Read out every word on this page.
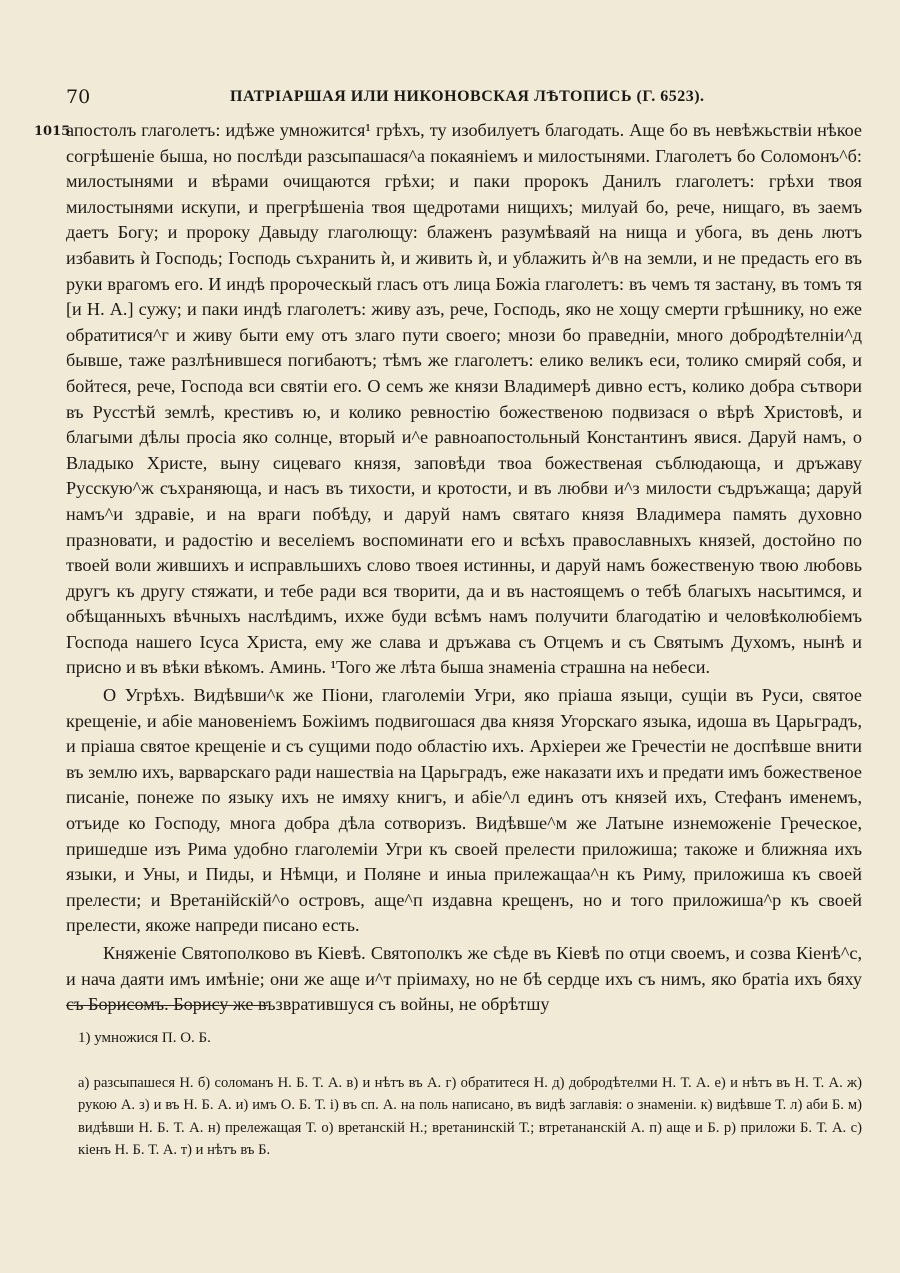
70	ПАТРІАРШАЯ ИЛИ НИКОНОВСКАЯ ЛѢТОПИСЬ (Г. 6523).
1015

апостолъ глаголетъ: идѣже умножится¹ грѣхъ, ту изобилуетъ благодать. Аще бо въ невѣжьствіи нѣкое согрѣшеніе быша, но послѣди разсыпашася^а покаяніемъ и милостынями. Глаголетъ бо Соломонъ^б: милостынями и вѣрами очищаются грѣхи; и паки пророкъ Данилъ глаголетъ: грѣхи твоя милостынями искупи, и прегрѣшеніа твоя щедротами нищихъ; милуай бо, рече, нищаго, въ заемъ даетъ Богу; и пророку Давыду глаголющу: блаженъ разумѣваяй на нища и убога, въ день лютъ избавить ѝ Господь; Господь съхранить ѝ, и живить ѝ, и ублажить ѝ^в на земли, и не предасть его въ руки врагомъ его. И индѣ пророческый гласъ отъ лица Божіа глаголетъ: въ чемъ тя застану, въ томъ тя [и Н. А.] сужу; и паки индѣ глаголетъ: живу азъ, рече, Господь, яко не хощу смерти грѣшнику, но еже обратитися^г и живу быти ему отъ злаго пути своего; мнози бо праведніи, много добродѣтелніи^д бывше, таже разлѣнившеся погибаютъ; тѣмъ же глаголетъ: елико великъ еси, толико смиряй собя, и бойтеся, рече, Господа вси святіи его. О семъ же князи Владимерѣ дивно естъ, колико добра сътвори въ Русстѣй землѣ, крестивъ ю, и колико ревностію божественою подвизася о вѣрѣ Христовѣ, и благыми дѣлы просіа яко солнце, вторый и^е равноапостольный Константинъ явися. Даруй намъ, о Владыко Христе, выну сицеваго князя, заповѣди твоа божественая съблюдающа, и дръжаву Русскую^ж съхраняюща, и насъ въ тихости, и кротости, и въ любви и^з милости съдръжаща; даруй намъ^и здравіе, и на враги побѣду, и даруй намъ святаго князя Владимера память духовно празновати, и радостію и веселіемъ воспоминати его и всѣхъ православныхъ князей, достойно по твоей воли жившихъ и исправльшихъ слово твоея истинны, и даруй намъ божественую твою любовь другъ къ другу стяжати, и тебе ради вся творити, да и въ настоящемъ о тебѣ благыхъ насытимся, и обѣщанныхъ вѣчныхъ наслѣдимъ, ихже буди всѣмъ намъ получити благодатію и человѣколюбіемъ Господа нашего Ісуса Христа, ему же слава и дръжава съ Отцемъ и съ Святымъ Духомъ, нынѣ и присно и въ вѣки вѣкомъ. Аминь. ¹Того же лѣта быша знаменіа страшна на небеси.

О Угрѣхъ. Видѣвши^к же Піони, глаголеміи Угри, яко пріаша языци, сущіи въ Руси, святое крещеніе, и абіе мановеніемъ Божіимъ подвигошася два князя Угорскаго языка, идоша въ Царьградъ, и пріаша святое крещеніе и съ сущими подо областію ихъ. Архіереи же Гречестіи не доспѣвше внити въ землю ихъ, варварскаго ради нашествіа на Царьградъ, еже наказати ихъ и предати имъ божественое писаніе, понеже по языку ихъ не имяху книгъ, и абіе^л единъ отъ князей ихъ, Стефанъ именемъ, отъиде ко Господу, многа добра дѣла сотворизъ. Видѣвше^м же Латыне изнеможеніе Греческое, пришедше изъ Рима удобно глаголеміи Угри къ своей прелести приложиша; такоже и ближняа ихъ языки, и Уны, и Пиды, и Нѣмци, и Поляне и иныа прилежащаа^н къ Риму, приложиша къ своей прелести; и Вретанійскій^о островъ, аще^п издавна крещенъ, но и того приложиша^р къ своей прелести, якоже напреди писано есть.

Княженіе Святополково въ Кіевѣ. Святополкъ же сѣде въ Кіевѣ по отци своемъ, и созва Кіенѣ^с, и нача даяти имъ имѣніе; они же аще и^т пріимаху, но не бѣ сердце ихъ съ нимъ, яко братіа ихъ бяху съ Борисомъ. Борису же възвратившуся съ войны, не обрѣтшу

1) умножися П. О. Б.
а) разсыпашеся Н. б) соломанъ Н. Б. Т. А. в) и нѣтъ въ А. г) обратитеся Н. д) добродѣтелми Н. Т. А. е) и нѣтъ въ Н. Т. А. ж) рукою А. з) и въ Н. Б. А. и) имъ О. Б. Т. і) въ сп. А. на поль написано, въ видѣ заглавія: о знаменіи. к) видѣвше Т. л) аби Б. м) видѣвши Н. Б. Т. А. н) прележащая Т. о) вретанскій Н.; вретанинскій Т.; втретананскій А. п) аще и Б. р) приложи Б. Т. А. с) кіенъ Н. Б. Т. А. т) и нѣтъ въ Б.
